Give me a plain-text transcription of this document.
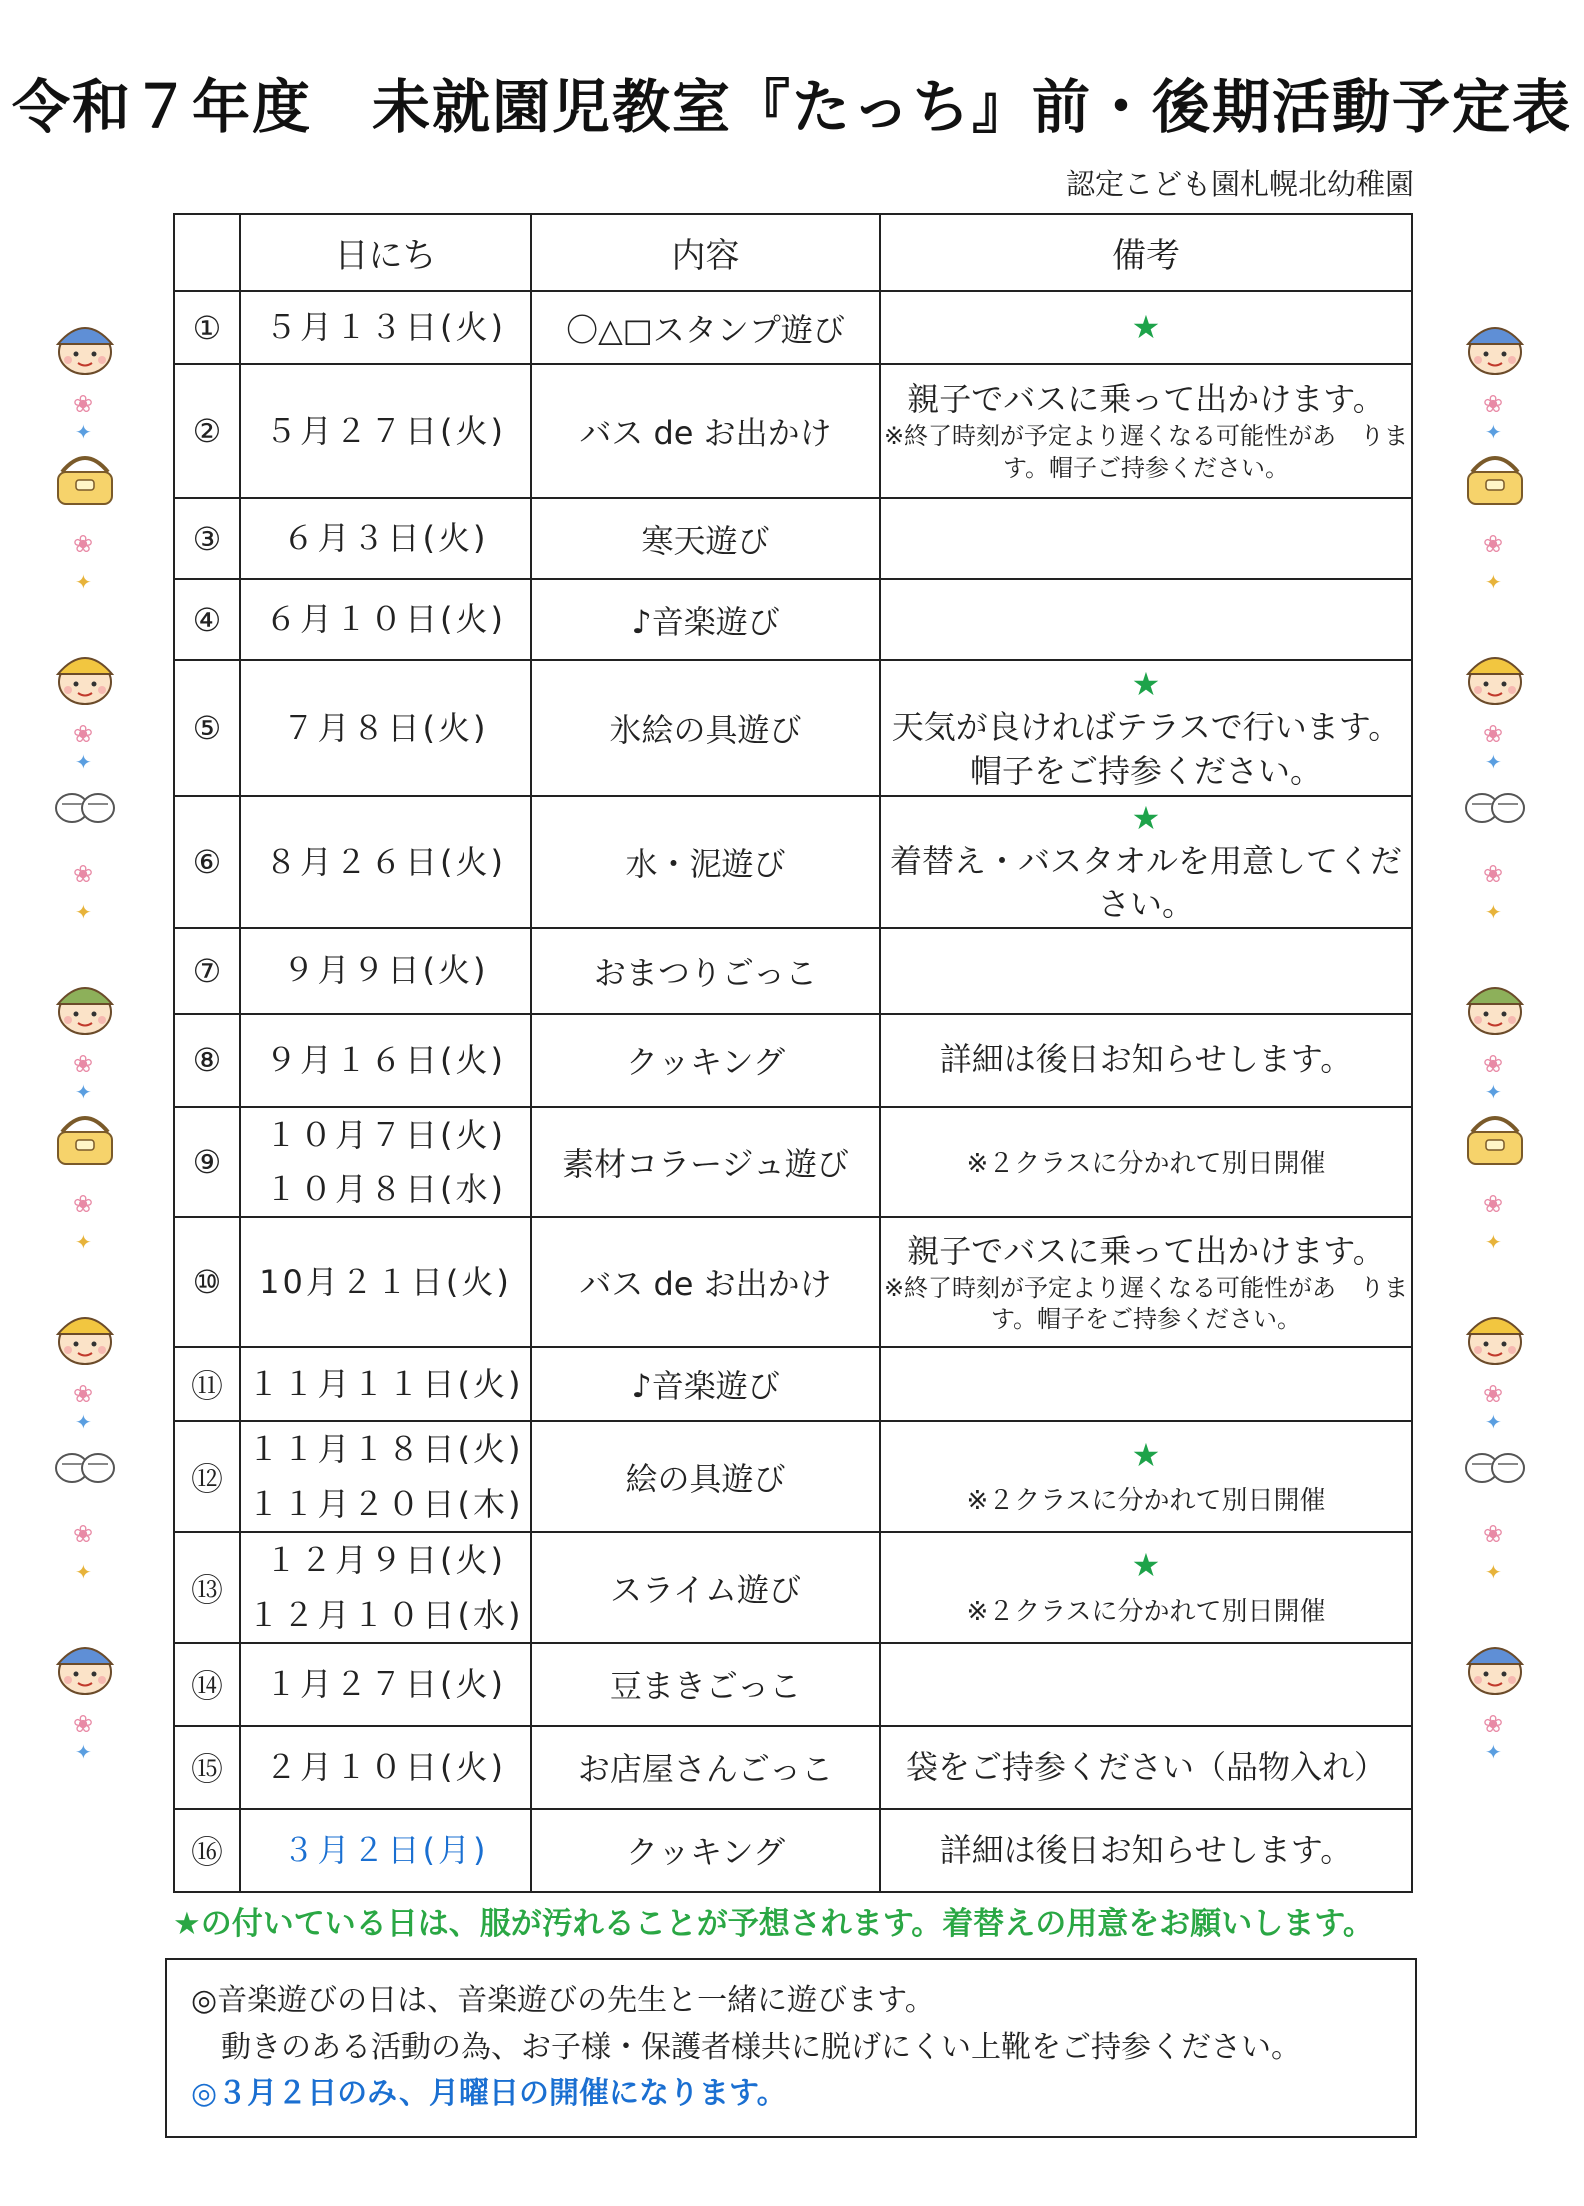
令和７年度　未就園児教室『たっち』前・後期活動予定表
認定こども園札幌北幼稚園
	日にち	内容	備考
①	５月１３日(火)	〇△□スタンプ遊び	★
②	５月２７日(火)	バス de お出かけ	親子でバスに乗って出かけます。
※終了時刻が予定より遅くなる可能性があ　ります。帽子ご持参ください。

③	６月３日(火)	寒天遊び	
④	６月１０日(火)	♪音楽遊び	
⑤	７月８日(火)	氷絵の具遊び	★
天気が良ければテラスで行います。帽子をご持参ください。
⑥	８月２６日(火)	水・泥遊び	★
着替え・バスタオルを用意してください。
⑦	９月９日(火)	おまつりごっこ	
⑧	９月１６日(火)	クッキング	詳細は後日お知らせします。
⑨	１０月７日(火)
１０月８日(水)	素材コラージュ遊び	※２クラスに分かれて別日開催
⑩	10月２１日(火)	バス de お出かけ	親子でバスに乗って出かけます。
※終了時刻が予定より遅くなる可能性があ　ります。帽子をご持参ください。

⑪	１１月１１日(火)	♪音楽遊び	
⑫	１１月１８日(火)
１１月２０日(木)	絵の具遊び	★
※２クラスに分かれて別日開催
⑬	１２月９日(火)
１２月１０日(水)	スライム遊び	★
※２クラスに分かれて別日開催
⑭	１月２７日(火)	豆まきごっこ	
⑮	２月１０日(火)	お店屋さんごっこ	袋をご持参ください（品物入れ）
⑯	３月２日(月)	クッキング	詳細は後日お知らせします。
★の付いている日は、服が汚れることが予想されます。着替えの用意をお願いします。
◎音楽遊びの日は、音楽遊びの先生と一緒に遊びます。
動きのある活動の為、お子様・保護者様共に脱げにくい上靴をご持参ください。
◎３月２日のみ、月曜日の開催になります。
❀
✦
❀
✦
❀
✦
❀
✦
❀
✦
❀
✦
❀
✦
❀
✦
❀
✦
❀
✦
❀
✦
❀
✦
❀
✦
❀
✦
❀
✦
❀
✦
❀
✦
❀
✦
